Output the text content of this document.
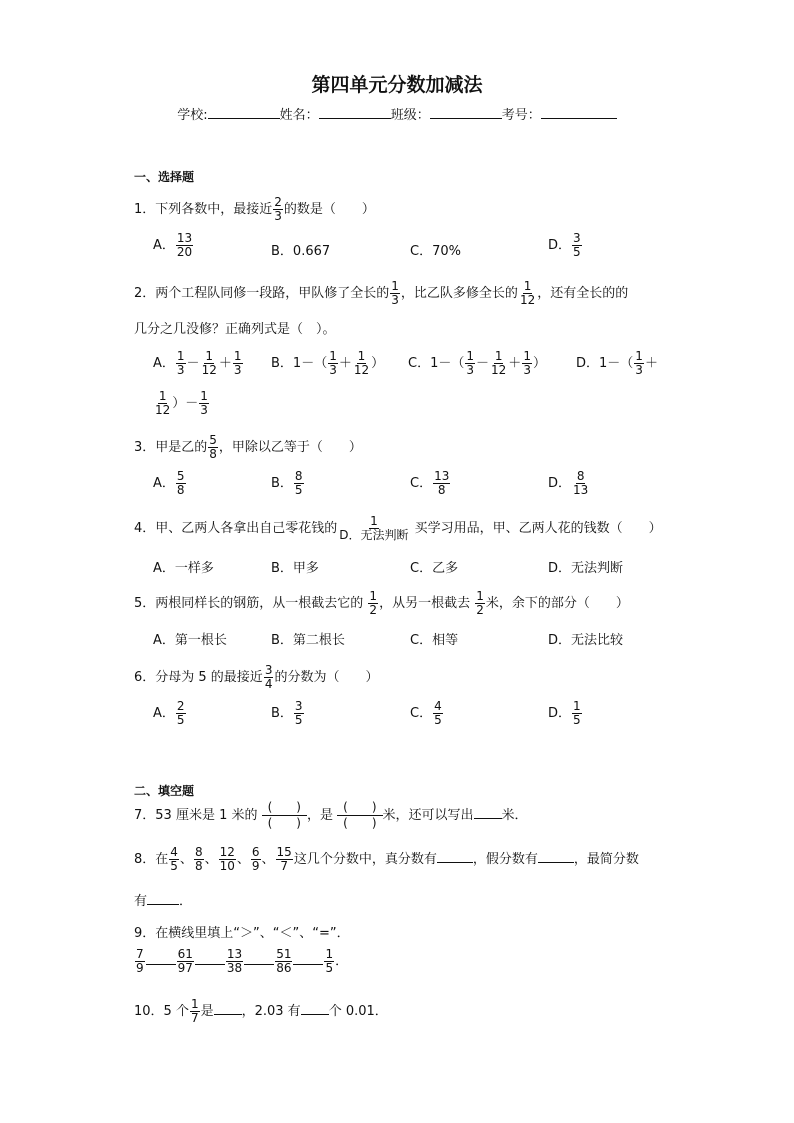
第四单元分数加减法
学校:	姓名：	班级：	考号：
一、选择题
1．下列各数中，最接近 $\frac{2}{3}$ 的数是（　　）
A． $\frac{13}{20}$	B．0.667	C．70%	D． $\frac{3}{5}$
2．两个工程队同修一段路，甲队修了全长的 $\frac{1}{3}$ ，比乙队多修全长的 $\frac{1}{12}$ ，还有全长的的
几分之几没修？正确列式是（　）。
A． $\frac{1}{3} - \frac{1}{12} + \frac{1}{3}$ B．$1-( \frac{1}{3} + \frac{1}{12}$ ） C．$1-( \frac{1}{3} - \frac{1}{12} + \frac{1}{3}$ ） D．$1-( \frac{1}{3}$ ＋
$\frac{1}{12}$ ）－ $\frac{1}{3}$
3．甲是乙的 $\frac{5}{8}$ ，甲除以乙等于（　　）
A． $\frac{5}{8}$	B． $\frac{8}{5}$	C． $\frac{13}{8}$	D． $\frac{8}{13}$
4．甲、乙两人各拿出自己零花钱的 $\frac{1}{\text{D．无法判断}}$ 买学习用品，甲、乙两人花的钱数（　　）
A．一样多	B．甲多	C．乙多	D．无法判断
5．两根同样长的钢筋，从一根截去它的 $\frac{1}{2}$ ，从另一根截去 $\frac{1}{2}$ 米，余下的部分（　　）
A．第一根长	B．第二根长	C．相等	D．无法比较
6．分母为 5 的最接近 $\frac{3}{4}$ 的分数为（　　）
A． $\frac{2}{5}$	B． $\frac{3}{5}$	C． $\frac{4}{5}$	D． $\frac{1}{5}$
二、填空题
7．53 厘米是 1 米的 $\frac{( )}{( )}$ ，是 $\frac{( )}{( )}$ 米，还可以写出 米．
8．在 $\frac{4}{5}$ 、 $\frac{8}{8}$ 、 $\frac{12}{10}$ 、 $\frac{6}{9}$ 、 $\frac{15}{7}$ 这几个分数中，真分数有	，假分数有	，最简分数
有 ．
9．在横线里填上“＞”、“＜”、“=”．
$\frac{7}{9}$	$\frac{61}{97}$	$\frac{13}{38}$	$\frac{51}{86}$	$\frac{1}{5}$ ．
10．5 个 $\frac{1}{7}$ 是 ，2.03 有 个 0.01．
